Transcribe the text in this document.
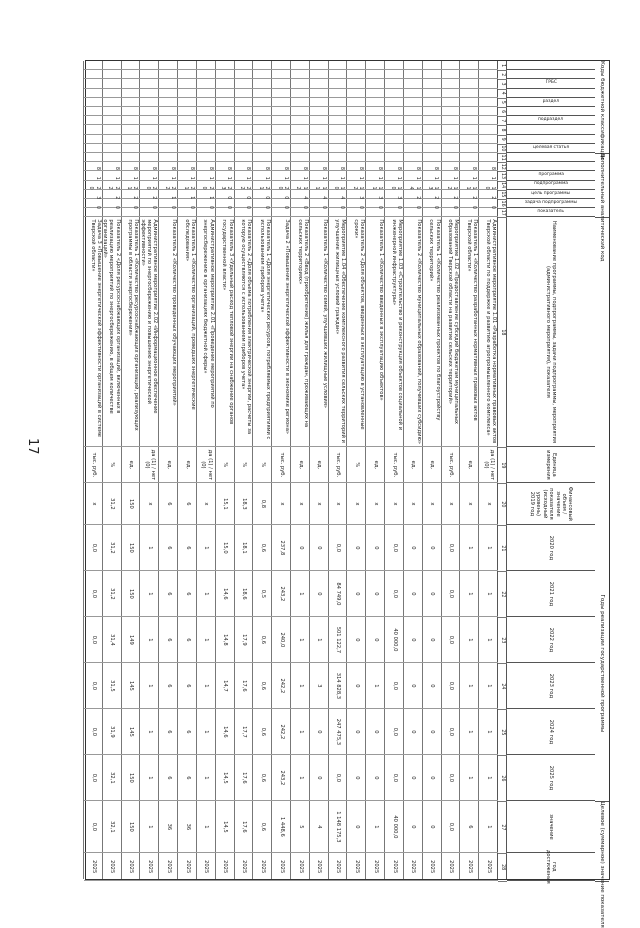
17
Коды бюджетной классификации
Дополнительный аналитический код
Годы реализации государственной программы
Целевое (суммарное) значение показателя
ГРБС
раздел
подраздел
целевая статья
программа
подпрограмма
цель программы
задача подпрограммы
показатель
Наименование программы, подпрограммы, задачи подпрограммы, мероприятия (административного мероприятия), показателя
Единица измерения
Финансовый объем / значение показателя (исходный уровень) 2019 год
2020 год
2021 год
2022 год
2023 год
2024 год
2025 год
значение
год достижения
1
2
3
4
5
6
7
8
9
10
11
12
13
14
15
16
17
18
19
20
21
22
23
24
25
26
27
28
8 1 1 2 0 0
Административное мероприятие 1.01 «Разработка нормативных правовых актов Тверской области по поддержке и развитию агропромышленного комплекса»
да (1) / нет (0)
х
1
1
1
1
1
1
1
2025
8 1 1 2 0 1
Показатель 1 «Количество разработанных нормативных правовых актов Тверской области»
ед.
х
1
1
1
1
1
1
6
2025
8 1 1 2 0 2
Мероприятие 1.02 «Предоставление субсидий бюджетам муниципальных образований Тверской области на развитие сельских территорий»
тыс. руб.
х
0,0
0,0
0,0
0,0
0,0
0,0
0,0
2025
8 1 1 2 0 3
Показатель 1 «Количество реализованных проектов по благоустройству сельских территорий»
ед.
х
0
0
0
0
0
0
0
2025
8 1 1 2 0 4
Показатель 2 «Количество муниципальных образований, получивших субсидию»
ед.
х
0
0
0
0
0
0
0
2025
8 1 1 3 0 0
Мероприятие 1.03 «Строительство и реконструкция объектов социальной и инженерной инфраструктуры»
тыс. руб.
х
0,0
0,0
40 000,0
0,0
0,0
0,0
40 000,0
2025
8 1 1 3 0 1
Показатель 1 «Количество введенных в эксплуатацию объектов»
ед.
х
0
0
0
1
0
0
1
2025
8 1 1 3 0 2
Показатель 2 «Доля объектов, введенных в эксплуатацию в установленные сроки»
%
х
0
0
0
0
0
0
0
2025
8 1 1 4 0 0
Мероприятие 1.04 «Обеспечение комплексного развития сельских территорий и улучшение жилищных условий граждан»
тыс. руб.
х
0,0
84 749,0
501 122,7
314 828,3
247 475,3
0,0
1 148 175,3
2025
8 1 1 4 0 1
Показатель 1 «Количество семей, улучшивших жилищные условия»
ед.
х
0
0
1
3
0
0
4
2025
8 1 1 4 0 2
Показатель 2 «Ввод (приобретение) жилья для граждан, проживающих на сельских территориях»
ед.
х
0
1
1
1
1
1
5
2025
8 1 2 0 0 0
Задача 2 «Повышение энергетической эффективности в экономике региона»
тыс. руб.
х
237,8
243,2
240,0
242,2
242,2
243,2
1 448,6
2025
8 1 2 0 0 1
Показатель 1 «Доля энергетических ресурсов, потребляемых предприятиями с использованием приборов учета»
%
0,8
0,6
0,5
0,6
0,6
0,6
0,6
0,6
2025
8 1 2 0 0 2
Показатель 2 «Доля объема потребления электрической энергии, расчеты за которую осуществляются с использованием приборов учета»
%
18,3
18,1
18,6
17,9
17,6
17,7
17,6
17,6
2025
8 1 2 0 0 3
Показатель 3 «Удельный расход тепловой энергии на снабжение органов государственной власти»
%
15,1
15,0
14,6
14,8
14,7
14,6
14,5
14,5
2025
8 1 2 1 0 0
Административное мероприятие 2.01 «Проведение мероприятий по энергосбережению в организациях бюджетной сферы»
да (1) / нет (0)
х
1
1
1
1
1
1
1
2025
8 1 2 1 0 1
Показатель 1 «Количество организаций, проведших энергетические обследования»
ед.
6
6
6
6
6
6
6
36
2025
8 1 2 1 0 2
Показатель 2 «Количество проведенных обучающих мероприятий»
ед.
6
6
6
6
6
6
6
36
2025
8 1 2 2 0 0
Административное мероприятие 2.02 «Информационное обеспечение мероприятий по энергосбережению и повышению энергетической эффективности»
да (1) / нет (0)
х
1
1
1
1
1
1
1
2025
8 1 2 2 0 1
Показатель 1 «Количество ресурсоснабжающих организаций, реализующих программы в области энергосбережения»
ед.
150
150
150
149
145
145
150
150
2025
8 1 2 2 0 2
Показатель 2 «Доля ресурсоснабжающих организаций, включенных в реализацию мероприятий по энергосбережению, в общем количестве организаций»
%
31,2
31,2
31,2
31,4
31,5
31,9
32,1
32,1
2025
8 1 2 3 0 0
Задача 3 «Повышение энергетической эффективности организаций в системе Тверской области»
тыс. руб.
х
0,0
0,0
0,0
0,0
0,0
0,0
0,0
2025
